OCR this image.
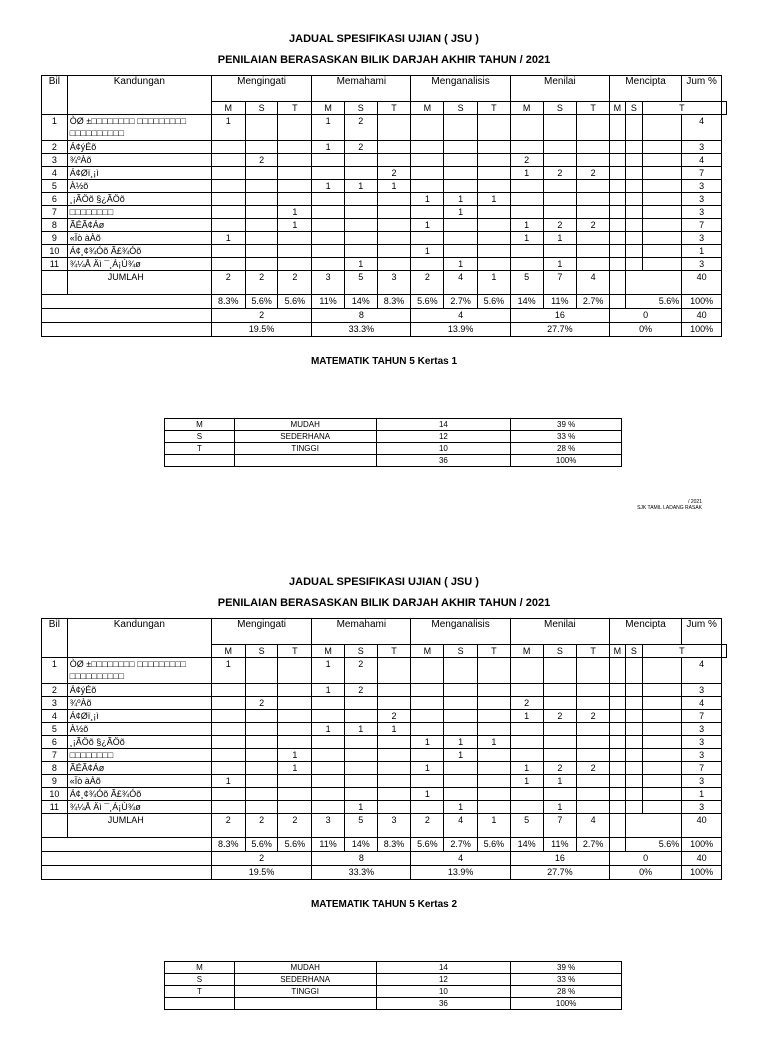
JADUAL SPESIFIKASI UJIAN ( JSU )
PENILAIAN BERASASKAN BILIK DARJAH AKHIR TAHUN / 2021
Bil	Kandungan	Mengingati			Memahami			Menganalisis			Menilai			Mencipta			Jum %	
		M	S	T	M	S	T	M	S	T	M	S	T	M	S	T		
1	ÒØ ±□□□□□□□□ □□□□□□□□□ □□□□□□□□□□	1			1	2											4	
2	Á¢ýÉõ				1	2											3	
3	¾ºÀõ		2								2						4	
4	Á¢Øï¸¡ì						2				1	2	2				7	
5	À½õ				1	1	1										3	
6	¸¡ÃÖõ §¿ÃÖõ							1	1	1							3	
7	□□□□□□□□			1					1								3	
8	ÃÉÃ¢Áø			1				1			1	2	2				7	
9	«Ïò àÀõ	1									1	1					3	
10	Á¢¸¢¾Óõ Ã£¾Óõ							1									1	
11	¾¼Å Äì ¯¸Á¡Ù¾ø					1			1			1					3	
	JUMLAH	2	2	2	3	5	3	2	4	1	5	7	4				40	
		8.3%	5.6%	5.6%	11%	14%	8.3%	5.6%	2.7%	5.6%	14%	11%	2.7%		5.6%		100%	
		2			8			4			16			0			40	
		19.5%			33.3%			13.9%			27.7%			0%			100%	
MATEMATIK TAHUN 5 Kertas 1
M	MUDAH	14	39 %
S	SEDERHANA	12	33 %
T	TINGGI	10	28 %
		36	100%
/ 2021
SJK TAMIL LADANG RASAK
JADUAL SPESIFIKASI UJIAN ( JSU )
PENILAIAN BERASASKAN BILIK DARJAH AKHIR TAHUN / 2021
Bil	Kandungan	Mengingati			Memahami			Menganalisis			Menilai			Mencipta			Jum %	
		M	S	T	M	S	T	M	S	T	M	S	T	M	S	T		
1	ÒØ ±□□□□□□□□ □□□□□□□□□ □□□□□□□□□□	1			1	2											4	
2	Á¢ýÉõ				1	2											3	
3	¾ºÀõ		2								2						4	
4	Á¢Øï¸¡ì						2				1	2	2				7	
5	À½õ				1	1	1										3	
6	¸¡ÃÖõ §¿ÃÖõ							1	1	1							3	
7	□□□□□□□□			1					1								3	
8	ÃÉÃ¢Áø			1				1			1	2	2				7	
9	«Ïò àÀõ	1									1	1					3	
10	Á¢¸¢¾Óõ Ã£¾Óõ							1									1	
11	¾¼Å Äì ¯¸Á¡Ù¾ø					1			1			1					3	
	JUMLAH	2	2	2	3	5	3	2	4	1	5	7	4				40	
		8.3%	5.6%	5.6%	11%	14%	8.3%	5.6%	2.7%	5.6%	14%	11%	2.7%		5.6%		100%	
		2			8			4			16			0			40	
		19.5%			33.3%			13.9%			27.7%			0%			100%	
MATEMATIK TAHUN 5 Kertas 2
M	MUDAH	14	39 %
S	SEDERHANA	12	33 %
T	TINGGI	10	28 %
		36	100%
